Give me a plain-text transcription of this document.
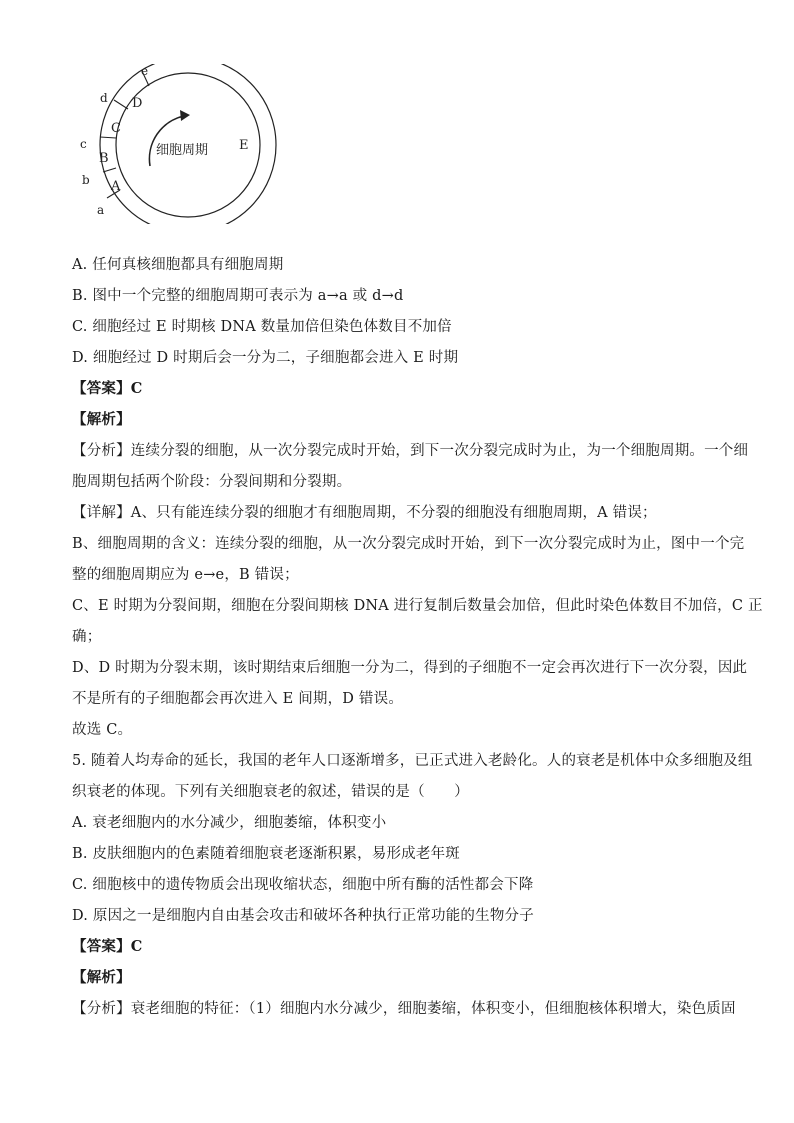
细胞周期
A
B
C
D
E
a
b
c
d
e
A. 任何真核细胞都具有细胞周期
B. 图中一个完整的细胞周期可表示为 a→a 或 d→d
C. 细胞经过 E 时期核 DNA 数量加倍但染色体数目不加倍
D. 细胞经过 D 时期后会一分为二，子细胞都会进入 E 时期
【答案】C
【解析】
【分析】连续分裂的细胞，从一次分裂完成时开始，到下一次分裂完成时为止，为一个细胞周期。一个细
胞周期包括两个阶段：分裂间期和分裂期。
【详解】A、只有能连续分裂的细胞才有细胞周期，不分裂的细胞没有细胞周期，A 错误；
B、细胞周期的含义：连续分裂的细胞，从一次分裂完成时开始，到下一次分裂完成时为止，图中一个完
整的细胞周期应为 e→e，B 错误；
C、E 时期为分裂间期，细胞在分裂间期核 DNA 进行复制后数量会加倍，但此时染色体数目不加倍，C 正
确；
D、D 时期为分裂末期，该时期结束后细胞一分为二，得到的子细胞不一定会再次进行下一次分裂，因此
不是所有的子细胞都会再次进入 E 间期，D 错误。
故选 C。
5. 随着人均寿命的延长，我国的老年人口逐渐增多，已正式进入老龄化。人的衰老是机体中众多细胞及组
织衰老的体现。下列有关细胞衰老的叙述，错误的是（　　）
A. 衰老细胞内的水分减少，细胞萎缩，体积变小
B. 皮肤细胞内的色素随着细胞衰老逐渐积累，易形成老年斑
C. 细胞核中的遗传物质会出现收缩状态，细胞中所有酶的活性都会下降
D. 原因之一是细胞内自由基会攻击和破坏各种执行正常功能的生物分子
【答案】C
【解析】
【分析】衰老细胞的特征：（1）细胞内水分减少，细胞萎缩，体积变小，但细胞核体积增大，染色质固
